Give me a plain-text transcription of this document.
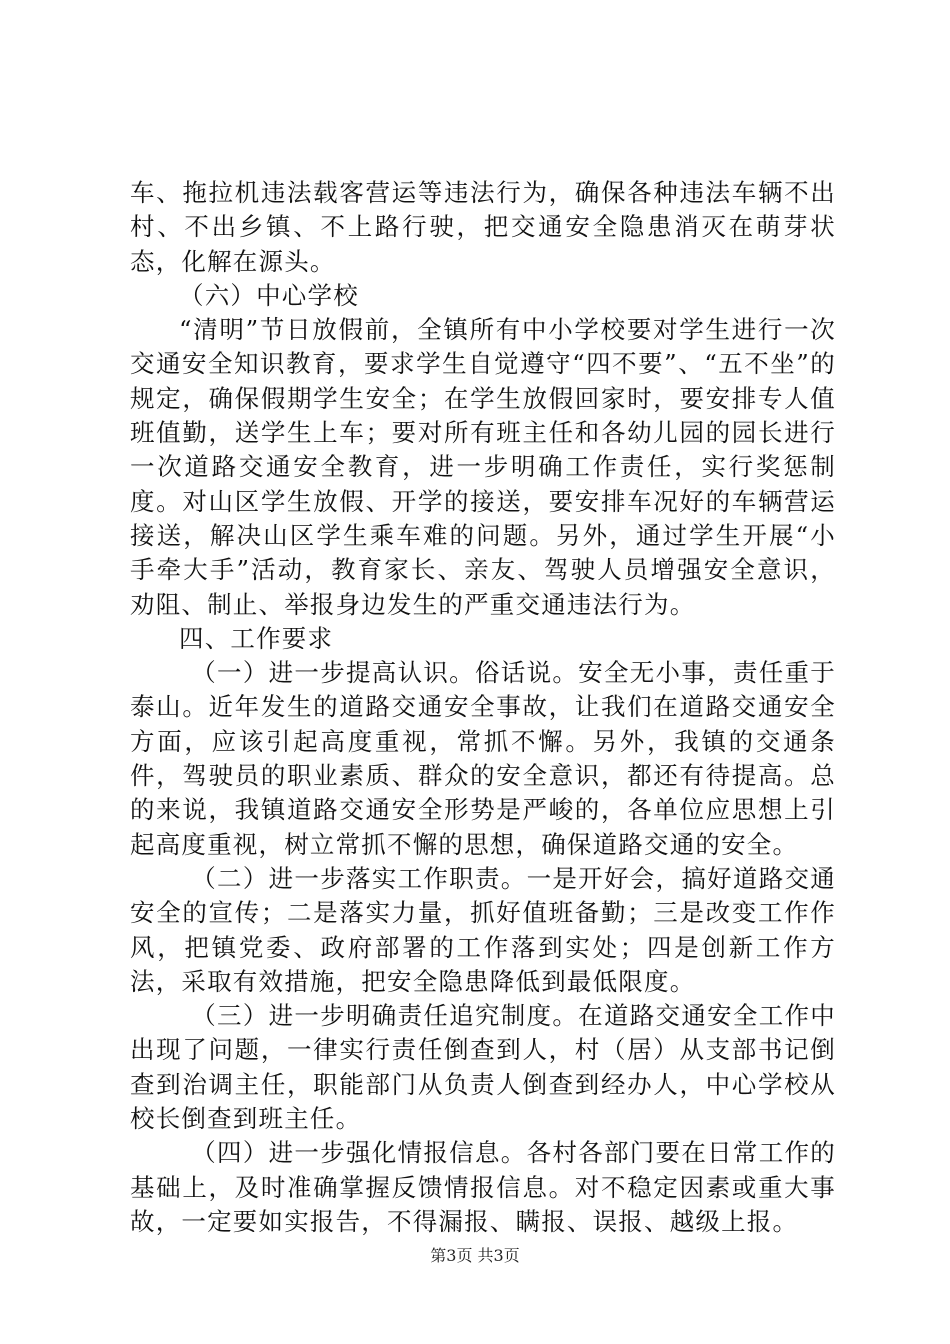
车、拖拉机违法载客营运等违法行为，确保各种违法车辆不出村、不出乡镇、不上路行驶，把交通安全隐患消灭在萌芽状态，化解在源头。

（六）中心学校

“清明”节日放假前，全镇所有中小学校要对学生进行一次交通安全知识教育，要求学生自觉遵守“四不要”、“五不坐”的规定，确保假期学生安全；在学生放假回家时，要安排专人值班值勤，送学生上车；要对所有班主任和各幼儿园的园长进行一次道路交通安全教育，进一步明确工作责任，实行奖惩制度。对山区学生放假、开学的接送，要安排车况好的车辆营运接送，解决山区学生乘车难的问题。另外，通过学生开展“小手牵大手”活动，教育家长、亲友、驾驶人员增强安全意识，劝阻、制止、举报身边发生的严重交通违法行为。

四、工作要求

（一）进一步提高认识。俗话说。安全无小事，责任重于泰山。近年发生的道路交通安全事故，让我们在道路交通安全方面，应该引起高度重视，常抓不懈。另外，我镇的交通条件，驾驶员的职业素质、群众的安全意识，都还有待提高。总的来说，我镇道路交通安全形势是严峻的，各单位应思想上引起高度重视，树立常抓不懈的思想，确保道路交通的安全。

（二）进一步落实工作职责。一是开好会，搞好道路交通安全的宣传；二是落实力量，抓好值班备勤；三是改变工作作风，把镇党委、政府部署的工作落到实处；四是创新工作方法，采取有效措施，把安全隐患降低到最低限度。

（三）进一步明确责任追究制度。在道路交通安全工作中出现了问题，一律实行责任倒查到人，村（居）从支部书记倒查到治调主任，职能部门从负责人倒查到经办人，中心学校从校长倒查到班主任。

（四）进一步强化情报信息。各村各部门要在日常工作的基础上，及时准确掌握反馈情报信息。对不稳定因素或重大事故，一定要如实报告，不得漏报、瞒报、误报、越级上报。

第3页 共3页
